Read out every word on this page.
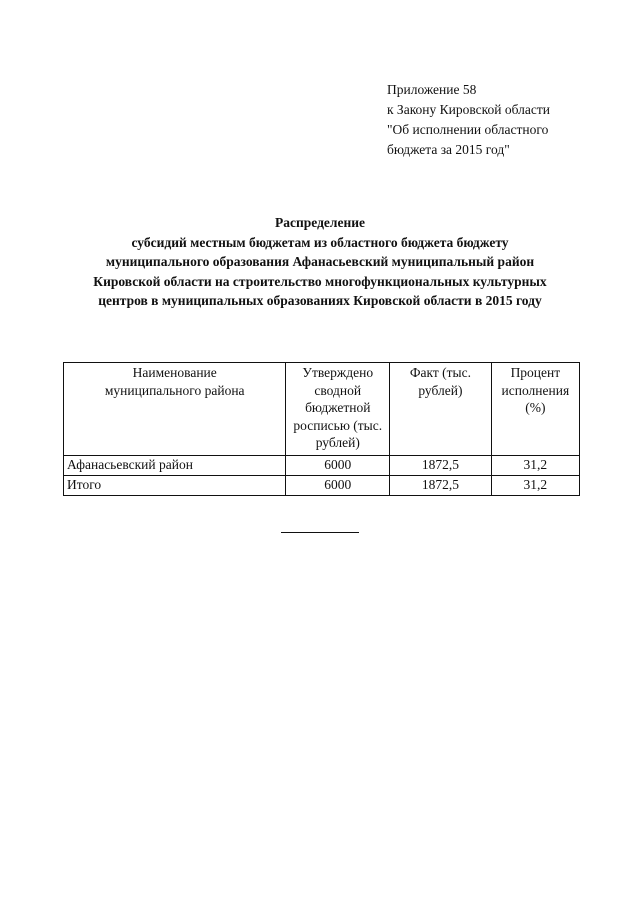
Приложение 58
к Закону Кировской области
"Об исполнении областного
бюджета за 2015 год"
Распределение
субсидий местным бюджетам из областного бюджета бюджету
муниципального образования Афанасьевский муниципальный район
Кировской области на строительство многофункциональных культурных
центров в муниципальных образованиях Кировской области в 2015 году
Наименование муниципального района	Утверждено сводной бюджетной росписью (тыс. рублей)	Факт (тыс. рублей)	Процент исполнения (%)
Афанасьевский район	6000	1872,5	31,2
Итого	6000	1872,5	31,2
